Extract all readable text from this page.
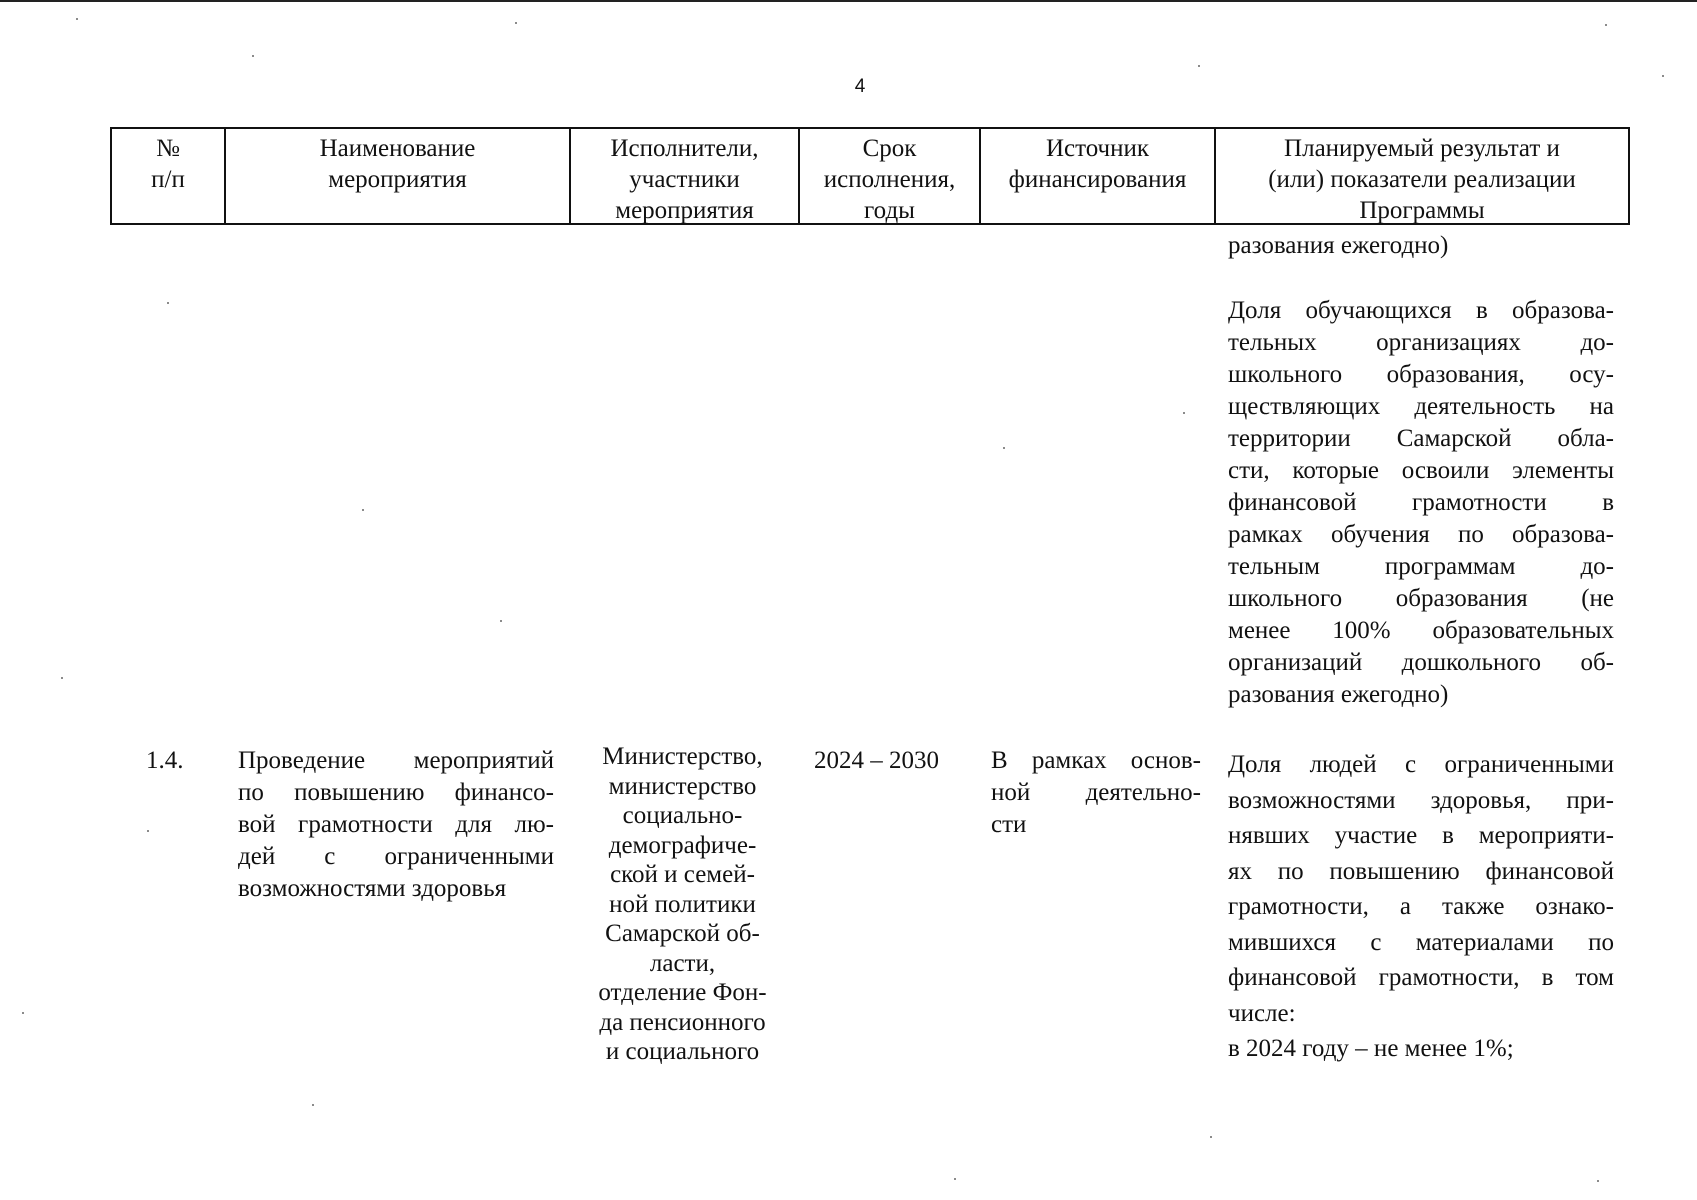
4
№
п/п
Наименование
мероприятия
Исполнители,
участники
мероприятия
Срок
исполнения,
годы
Источник
финансирования
Планируемый результат и
(или) показатели реализации
Программы
разования ежегодно)
Доля обучающихся в образова-
тельных организациях до-
школьного образования, осу-
ществляющих деятельность на
территории Самарской обла-
сти, которые освоили элементы
финансовой грамотности в
рамках обучения по образова-
тельным программам до-
школьного образования (не
менее 100% образовательных
организаций дошкольного об-
разования ежегодно)
1.4.	Проведение мероприятий
по повышению финансо-
вой грамотности для лю-
дей с ограниченными
возможностями здоровья
Министерство,
министерство
социально-
демографиче-
ской и семей-
ной политики
Самарской об-
ласти,
отделение Фон-
да пенсионного
и социального
2024 – 2030	В рамках основ-
ной деятельно-
сти
Доля людей с ограниченными
возможностями здоровья, при-
нявших участие в мероприяти-
ях по повышению финансовой
грамотности, а также ознако-
мившихся с материалами по
финансовой грамотности, в том
числе:
в 2024 году – не менее 1%;
